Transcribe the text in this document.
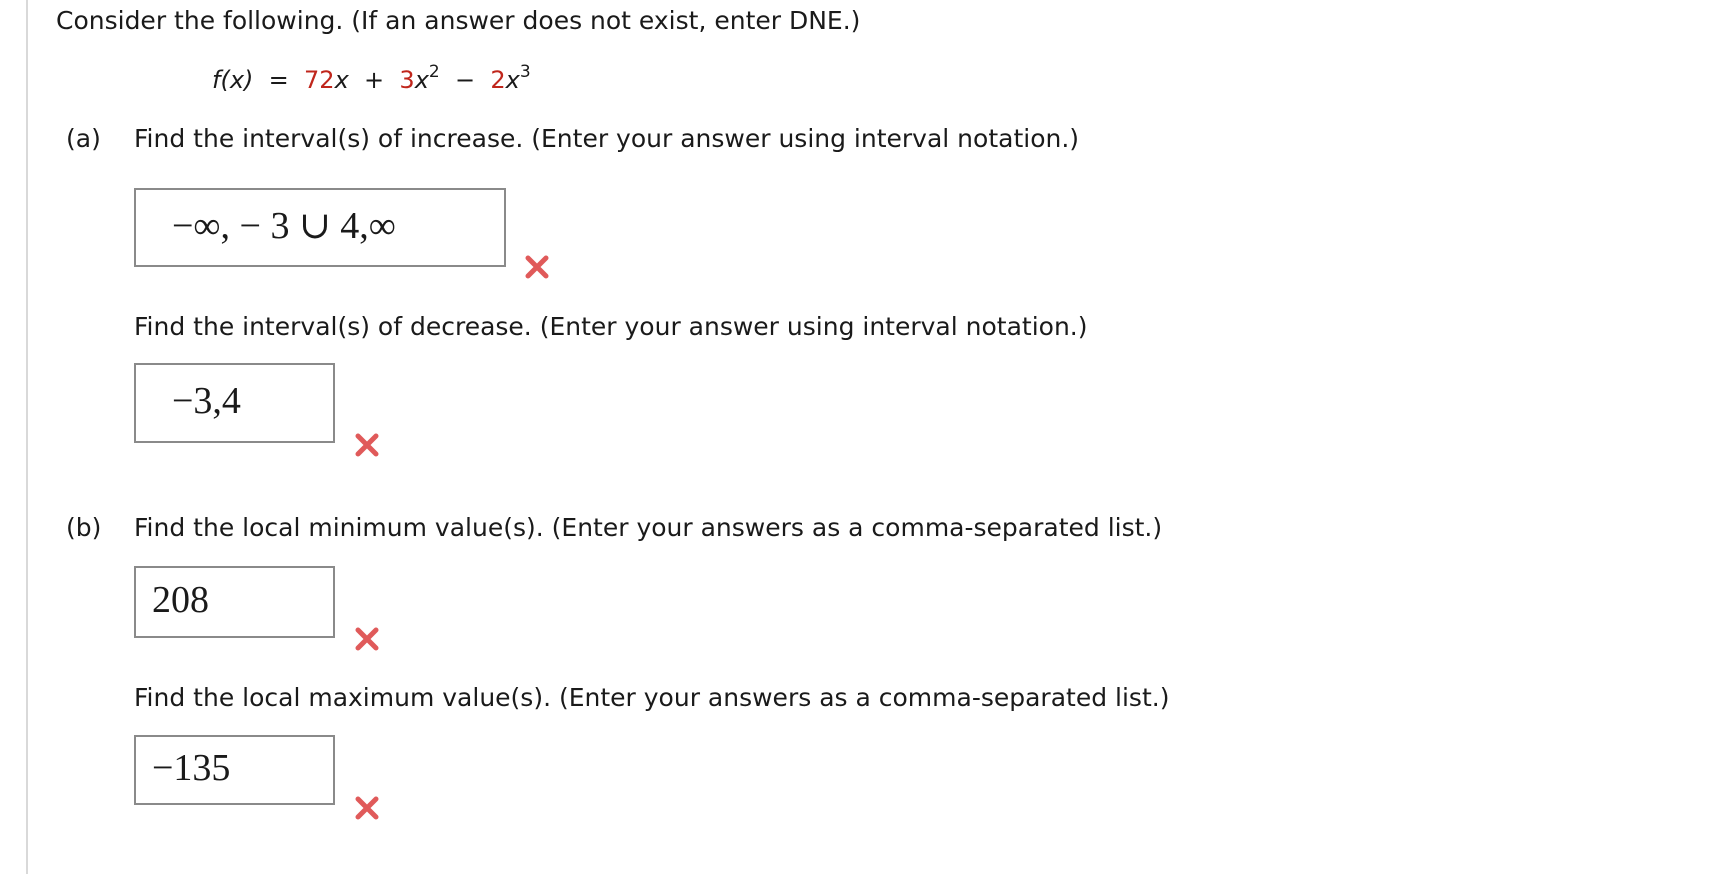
Consider the following. (If an answer does not exist, enter DNE.)
$f(x) = 72x + 3x^2 - 2x^3$
(a) Find the interval(s) of increase. (Enter your answer using interval notation.)
−∞, − 3 ∪ 4,∞
Find the interval(s) of decrease. (Enter your answer using interval notation.)
−3,4
(b) Find the local minimum value(s). (Enter your answers as a comma-separated list.)
208
Find the local maximum value(s). (Enter your answers as a comma-separated list.)
−135
